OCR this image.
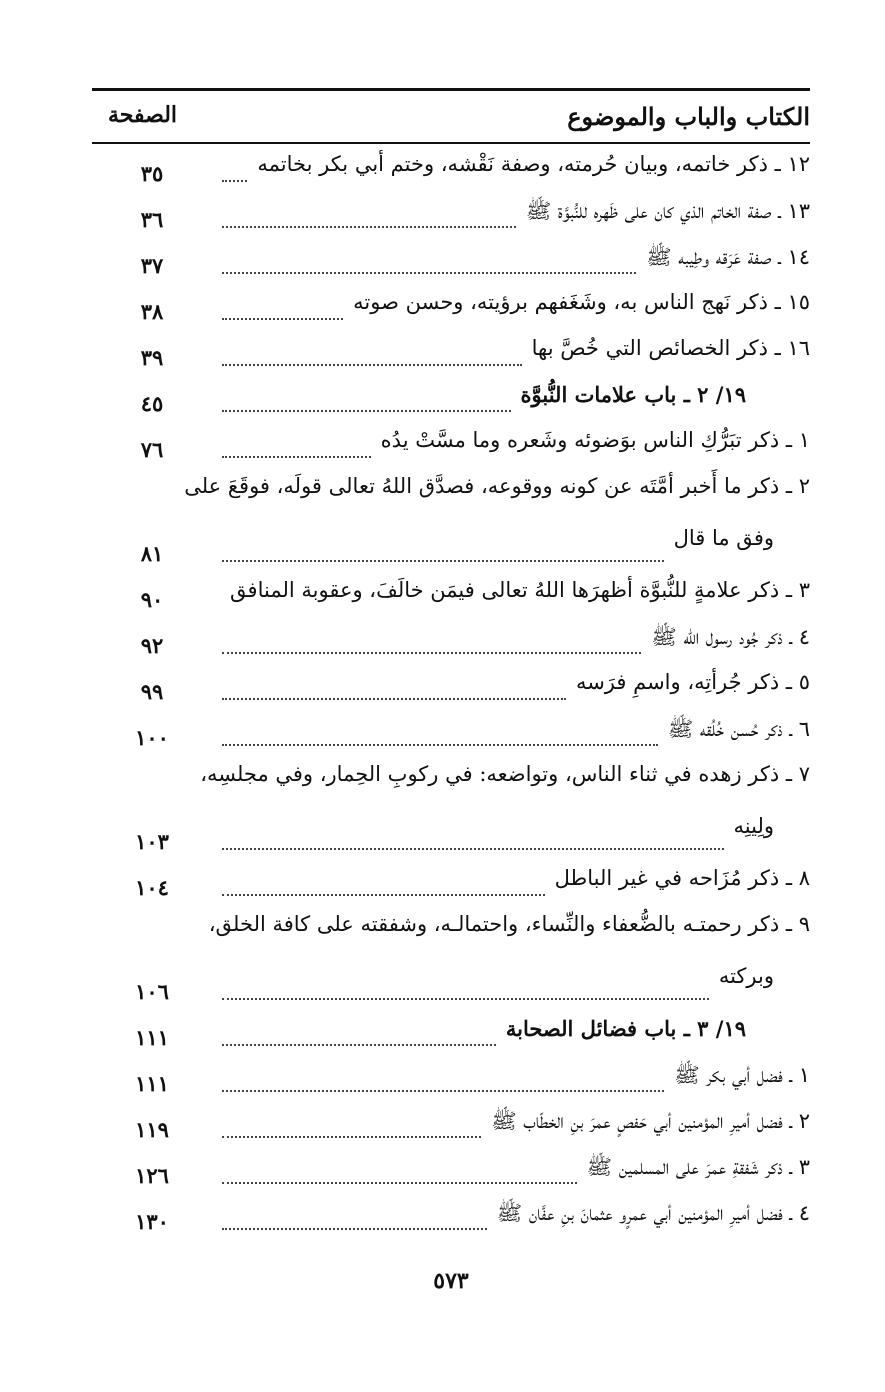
الكتاب والباب والموضوع
الصفحة
١٢ ـ ذكر خاتمه، وبيان حُرمته، وصفة نَقْشه، وختم أبي بكر بخاتمه
٣٥
١٣ ـ صفة الخاتم الذي كان على ظَهره للنُّبوَّة ﷺ
٣٦
١٤ ـ صفة عَرَقه وطِيبه ﷺ
٣٧
١٥ ـ ذكر نَهج الناس به، وشَغَفهم برؤيته، وحسن صوته
٣٨
١٦ ـ ذكر الخصائص التي خُصَّ بها
٣٩
١٩/ ٢ ـ باب علامات النُّبوَّة
٤٥
١ ـ ذكر تبَرُّكِ الناس بوَضوئه وشَعره وما مسَّتْ يدُه
٧٦
٢ ـ ذكر ما أَخبر أمَّتَه عن كونه ووقوعه، فصدَّق اللهُ تعالى قولَه، فوقَعَ على
وفق ما قال
٨١
٣ ـ ذكر علامةٍ للنُّبوَّة أظهرَها اللهُ تعالى فيمَن خالَفَ، وعقوبة المنافق
٩٠
٤ ـ ذكر جُود رسول الله ﷺ
٩٢
٥ ـ ذكر جُرأتِه، واسمِ فرَسه
٩٩
٦ ـ ذكر حُسن خُلُقه ﷺ
١٠٠
٧ ـ ذكر زهده في ثناء الناس، وتواضعه: في ركوبِ الحِمار، وفي مجلسِه،
ولِينِه
١٠٣
٨ ـ ذكر مُزَاحه في غير الباطل
١٠٤
٩ ـ ذكر رحمتـه بالضُّعفاء والنِّساء، واحتمالـه، وشفقته على كافة الخلق،
وبركته
١٠٦
١٩/ ٣ ـ باب فضائل الصحابة
١١١
١ ـ فضل أبي بكر ﷺ
١١١
٢ ـ فضل أميرِ المؤمنين أبي حَفصٍ عمرَ بنِ الخطّاب ﷺ
١١٩
٣ ـ ذكر شَفقةِ عمرَ على المسلمين ﷺ
١٢٦
٤ ـ فضل أميرِ المؤمنين أبي عمرٍو عثمانَ بنِ عفَّان ﷺ
١٣٠
٥٧٣
